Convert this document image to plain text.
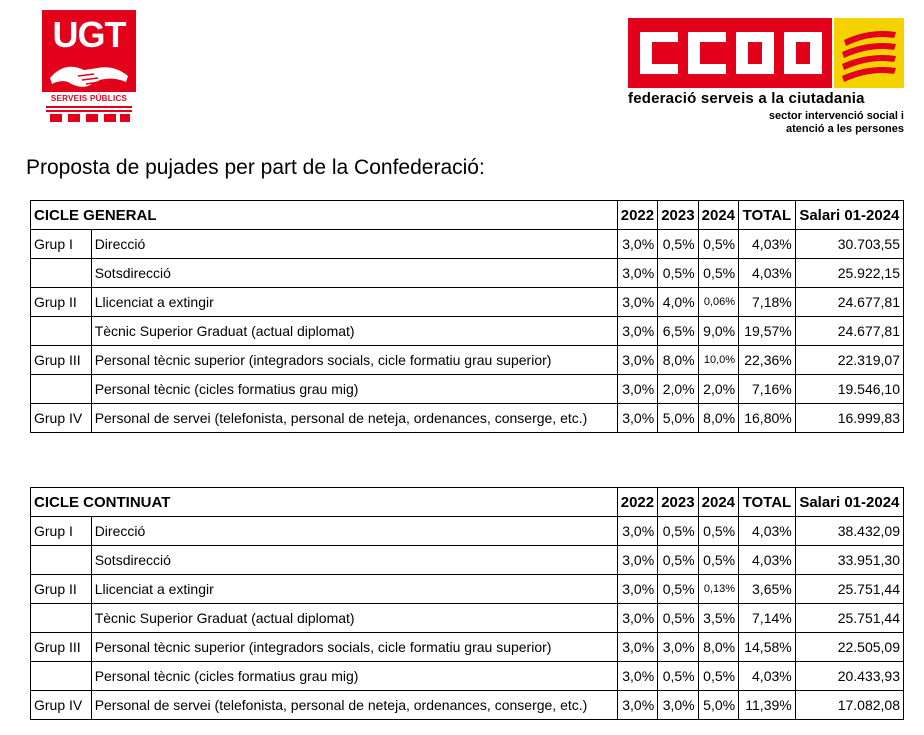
UGT
SERVEIS PÚBLICS	federació serveis a la ciutadania
sector intervenció social i
atenció a les persones
Proposta de pujades per part de la Confederació:
CICLE GENERAL		2022	2023	2024	TOTAL	Salari 01-2024
Grup I	Direcció	3,0%	0,5%	0,5%	4,03%	30.703,55
	Sotsdirecció	3,0%	0,5%	0,5%	4,03%	25.922,15
Grup II	Llicenciat a extingir	3,0%	4,0%	0,06%	7,18%	24.677,81
	Tècnic Superior Graduat (actual diplomat)	3,0%	6,5%	9,0%	19,57%	24.677,81
Grup III	Personal tècnic superior (integradors socials, cicle formatiu grau superior)	3,0%	8,0%	10,0%	22,36%	22.319,07
	Personal tècnic (cicles formatius grau mig)	3,0%	2,0%	2,0%	7,16%	19.546,10
Grup IV	Personal de servei (telefonista, personal de neteja, ordenances, conserge, etc.)	3,0%	5,0%	8,0%	16,80%	16.999,83
CICLE CONTINUAT		2022	2023	2024	TOTAL	Salari 01-2024
Grup I	Direcció	3,0%	0,5%	0,5%	4,03%	38.432,09
	Sotsdirecció	3,0%	0,5%	0,5%	4,03%	33.951,30
Grup II	Llicenciat a extingir	3,0%	0,5%	0,13%	3,65%	25.751,44
	Tècnic Superior Graduat (actual diplomat)	3,0%	0,5%	3,5%	7,14%	25.751,44
Grup III	Personal tècnic superior (integradors socials, cicle formatiu grau superior)	3,0%	3,0%	8,0%	14,58%	22.505,09
	Personal tècnic (cicles formatius grau mig)	3,0%	0,5%	0,5%	4,03%	20.433,93
Grup IV	Personal de servei (telefonista, personal de neteja, ordenances, conserge, etc.)	3,0%	3,0%	5,0%	11,39%	17.082,08
